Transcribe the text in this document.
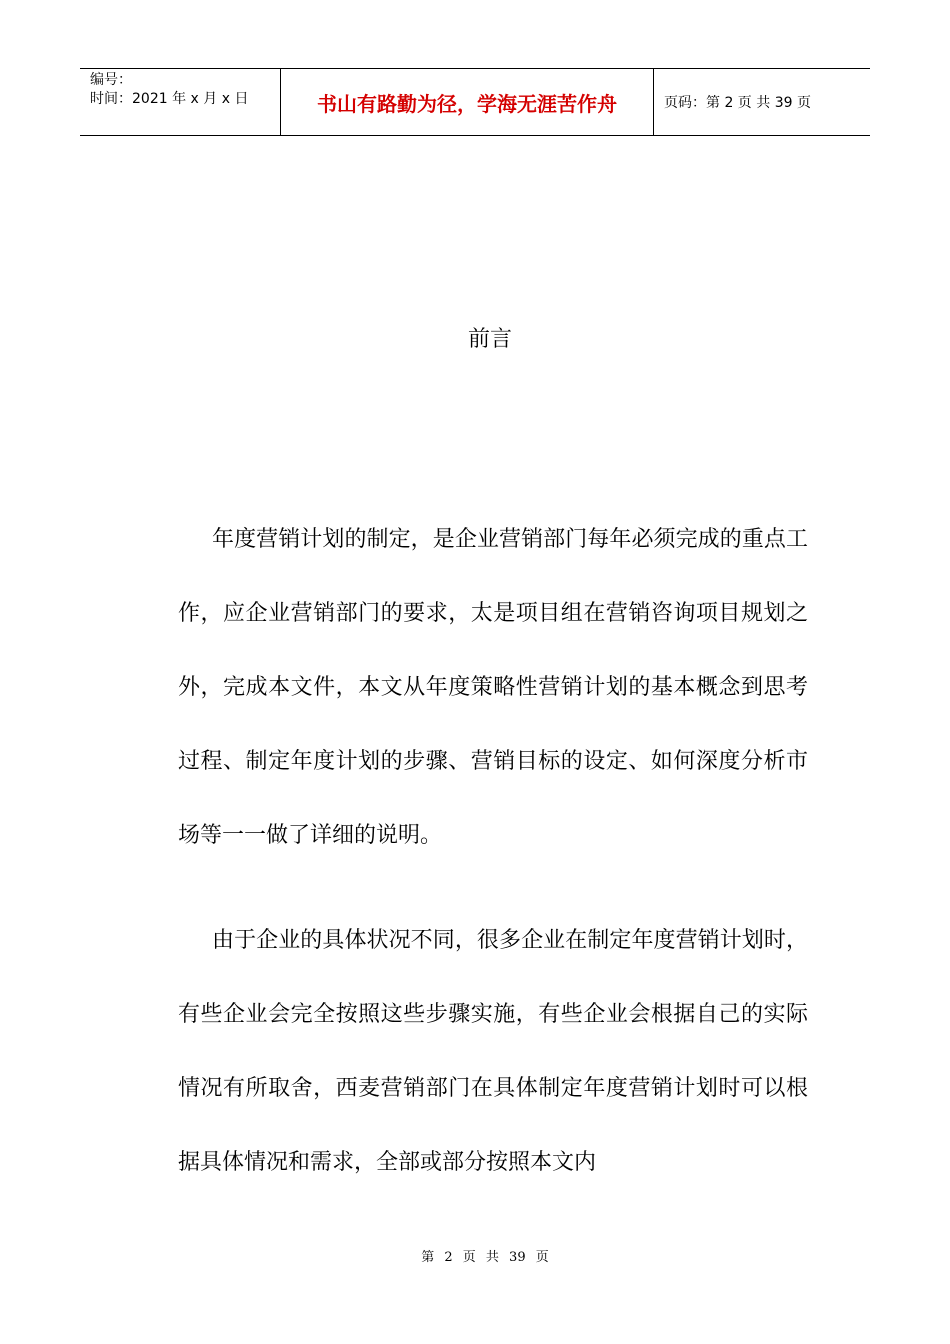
编号：
时间：2021 年 x 月 x 日	书山有路勤为径，学海无涯苦作舟	页码：第 2 页 共 39 页
前言

年度营销计划的制定，是企业营销部门每年必须完成的重点工作，应企业营销部门的要求，太是项目组在营销咨询项目规划之外，完成本文件，本文从年度策略性营销计划的基本概念到思考过程、制定年度计划的步骤、营销目标的设定、如何深度分析市场等一一做了详细的说明。

由于企业的具体状况不同，很多企业在制定年度营销计划时，有些企业会完全按照这些步骤实施，有些企业会根据自己的实际情况有所取舍，西麦营销部门在具体制定年度营销计划时可以根据具体情况和需求，全部或部分按照本文内

第 2 页 共 39 页
